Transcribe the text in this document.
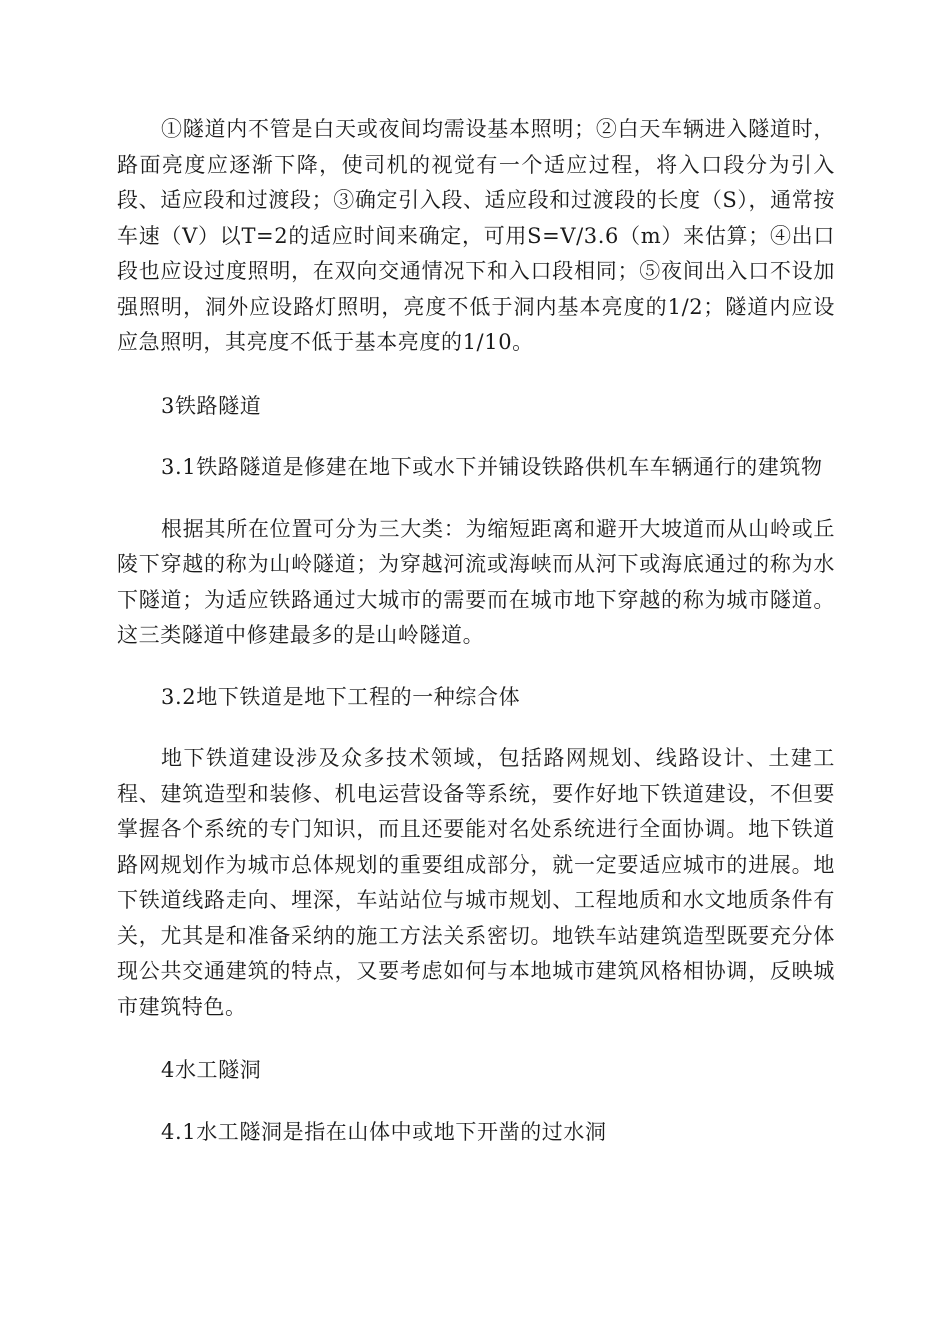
①隧道内不管是白天或夜间均需设基本照明；②白天车辆进入隧道时，路面亮度应逐渐下降，使司机的视觉有一个适应过程，将入口段分为引入段、适应段和过渡段；③确定引入段、适应段和过渡段的长度（S），通常按车速（V）以T=2的适应时间来确定，可用S=V/3.6（m）来估算；④出口段也应设过度照明，在双向交通情况下和入口段相同；⑤夜间出入口不设加强照明，洞外应设路灯照明，亮度不低于洞内基本亮度的1/2；隧道内应设应急照明，其亮度不低于基本亮度的1/10。

3铁路隧道

3.1铁路隧道是修建在地下或水下并铺设铁路供机车车辆通行的建筑物

根据其所在位置可分为三大类：为缩短距离和避开大坡道而从山岭或丘陵下穿越的称为山岭隧道；为穿越河流或海峡而从河下或海底通过的称为水下隧道；为适应铁路通过大城市的需要而在城市地下穿越的称为城市隧道。这三类隧道中修建最多的是山岭隧道。

3.2地下铁道是地下工程的一种综合体

地下铁道建设涉及众多技术领域，包括路网规划、线路设计、土建工程、建筑造型和装修、机电运营设备等系统，要作好地下铁道建设，不但要掌握各个系统的专门知识，而且还要能对名处系统进行全面协调。地下铁道路网规划作为城市总体规划的重要组成部分，就一定要适应城市的进展。地下铁道线路走向、埋深，车站站位与城市规划、工程地质和水文地质条件有关，尤其是和准备采纳的施工方法关系密切。地铁车站建筑造型既要充分体现公共交通建筑的特点，又要考虑如何与本地城市建筑风格相协调，反映城市建筑特色。

4水工隧洞

4.1水工隧洞是指在山体中或地下开凿的过水洞
